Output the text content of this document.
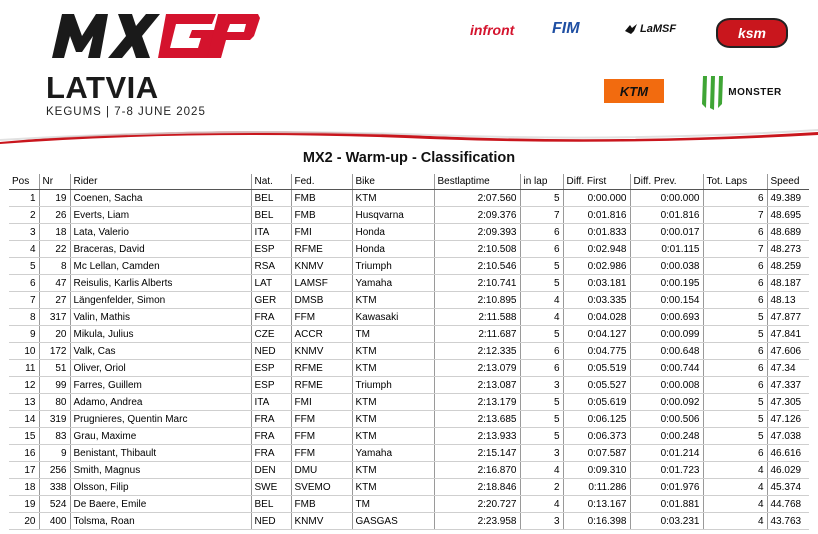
LATVIA
KEGUMS | 7-8 JUNE 2025
infront FIM	LaMSF	ksm
KTM	MONSTER
MX2 - Warm-up - Classification
Pos	Nr	Rider	Nat.	Fed.	Bike	Bestlaptime	in lap	Diff. First	Diff. Prev.	Tot. Laps	Speed
1	19	Coenen, Sacha	BEL	FMB	KTM	2:07.560	5	0:00.000	0:00.000	6	49.389
2	26	Everts, Liam	BEL	FMB	Husqvarna	2:09.376	7	0:01.816	0:01.816	7	48.695
3	18	Lata, Valerio	ITA	FMI	Honda	2:09.393	6	0:01.833	0:00.017	6	48.689
4	22	Braceras, David	ESP	RFME	Honda	2:10.508	6	0:02.948	0:01.115	7	48.273
5	8	Mc Lellan, Camden	RSA	KNMV	Triumph	2:10.546	5	0:02.986	0:00.038	6	48.259
6	47	Reisulis, Karlis Alberts	LAT	LAMSF	Yamaha	2:10.741	5	0:03.181	0:00.195	6	48.187
7	27	Längenfelder, Simon	GER	DMSB	KTM	2:10.895	4	0:03.335	0:00.154	6	48.13
8	317	Valin, Mathis	FRA	FFM	Kawasaki	2:11.588	4	0:04.028	0:00.693	5	47.877
9	20	Mikula, Julius	CZE	ACCR	TM	2:11.687	5	0:04.127	0:00.099	5	47.841
10	172	Valk, Cas	NED	KNMV	KTM	2:12.335	6	0:04.775	0:00.648	6	47.606
11	51	Oliver, Oriol	ESP	RFME	KTM	2:13.079	6	0:05.519	0:00.744	6	47.34
12	99	Farres, Guillem	ESP	RFME	Triumph	2:13.087	3	0:05.527	0:00.008	6	47.337
13	80	Adamo, Andrea	ITA	FMI	KTM	2:13.179	5	0:05.619	0:00.092	5	47.305
14	319	Prugnieres, Quentin Marc	FRA	FFM	KTM	2:13.685	5	0:06.125	0:00.506	5	47.126
15	83	Grau, Maxime	FRA	FFM	KTM	2:13.933	5	0:06.373	0:00.248	5	47.038
16	9	Benistant, Thibault	FRA	FFM	Yamaha	2:15.147	3	0:07.587	0:01.214	6	46.616
17	256	Smith, Magnus	DEN	DMU	KTM	2:16.870	4	0:09.310	0:01.723	4	46.029
18	338	Olsson, Filip	SWE	SVEMO	KTM	2:18.846	2	0:11.286	0:01.976	4	45.374
19	524	De Baere, Emile	BEL	FMB	TM	2:20.727	4	0:13.167	0:01.881	4	44.768
20	400	Tolsma, Roan	NED	KNMV	GASGAS	2:23.958	3	0:16.398	0:03.231	4	43.763
